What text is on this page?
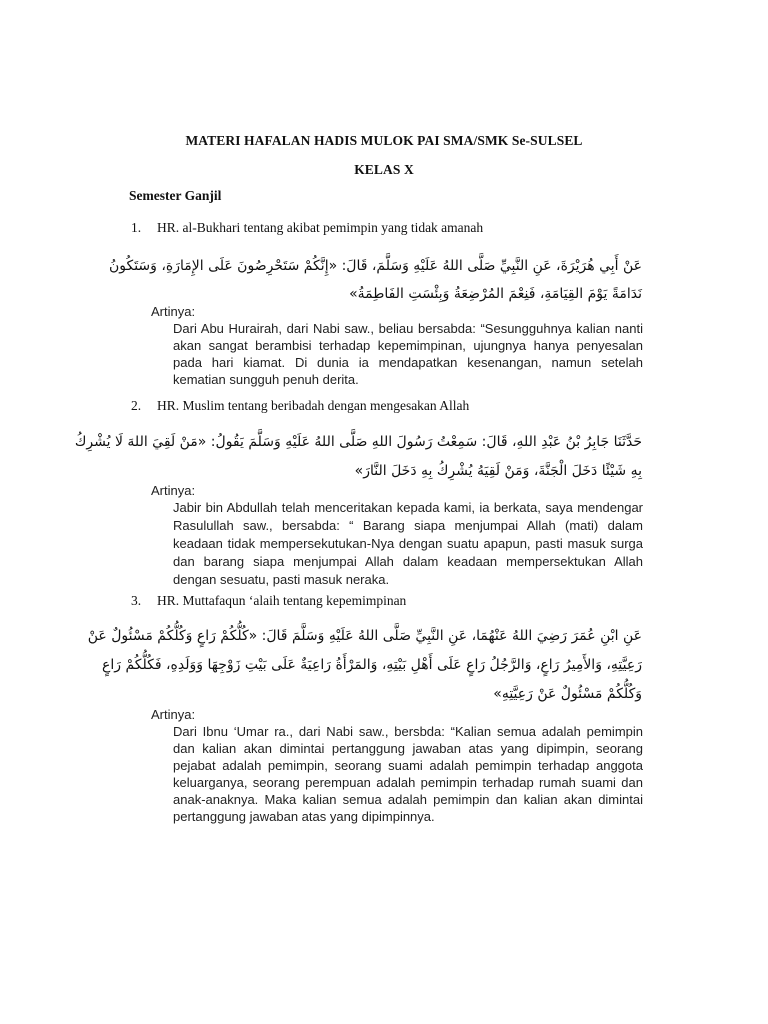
MATERI HAFALAN HADIS MULOK PAI SMA/SMK Se-SULSEL
KELAS X
Semester Ganjil
1. HR. al-Bukhari tentang akibat pemimpin yang tidak amanah
عَنْ أَبِي هُرَيْرَةَ، عَنِ النَّبِيِّ صَلَّى اللهُ عَلَيْهِ وَسَلَّمَ، قَالَ: «إِنَّكُمْ سَتَحْرِصُونَ عَلَى الإِمَارَةِ، وَسَتَكُونُ
نَدَامَةً يَوْمَ القِيَامَةِ، فَنِعْمَ المُرْضِعَةُ وَبِئْسَتِ الفَاطِمَةُ»
Artinya:
Dari Abu Hurairah, dari Nabi saw., beliau bersabda: “Sesungguhnya kalian nanti akan sangat berambisi terhadap kepemimpinan, ujungnya hanya penyesalan pada hari kiamat. Di dunia ia mendapatkan kesenangan, namun setelah kematian sungguh penuh derita.
2. HR. Muslim tentang beribadah dengan mengesakan Allah
حَدَّثَنَا جَابِرُ بْنُ عَبْدِ اللهِ، قَالَ: سَمِعْتُ رَسُولَ اللهِ صَلَّى اللهُ عَلَيْهِ وَسَلَّمَ يَقُولُ: «مَنْ لَقِيَ اللهَ لَا يُشْرِكُ
بِهِ شَيْئًا دَخَلَ الْجَنَّةَ، وَمَنْ لَقِيَهُ يُشْرِكُ بِهِ دَخَلَ النَّارَ»
Artinya:
Jabir bin Abdullah telah menceritakan kepada kami, ia berkata, saya mendengar Rasulullah saw., bersabda: “ Barang siapa menjumpai Allah (mati) dalam keadaan tidak mempersekutukan-Nya dengan suatu apapun, pasti masuk surga dan barang siapa menjumpai Allah dalam keadaan mempersektukan Allah dengan sesuatu, pasti masuk neraka.
3. HR. Muttafaqun ‘alaih tentang kepemimpinan
عَنِ ابْنِ عُمَرَ رَضِيَ اللهُ عَنْهُمَا، عَنِ النَّبِيِّ صَلَّى اللهُ عَلَيْهِ وَسَلَّمَ قَالَ: «كُلُّكُمْ رَاعٍ وَكُلُّكُمْ مَسْئُولٌ عَنْ
رَعِيَّتِهِ، وَالأَمِيرُ رَاعٍ، وَالرَّجُلُ رَاعٍ عَلَى أَهْلِ بَيْتِهِ، وَالمَرْأَةُ رَاعِيَةٌ عَلَى بَيْتِ زَوْجِهَا وَوَلَدِهِ، فَكُلُّكُمْ رَاعٍ
وَكُلُّكُمْ مَسْئُولٌ عَنْ رَعِيَّتِهِ»
Artinya:
Dari Ibnu ‘Umar ra., dari Nabi saw., bersbda: “Kalian semua adalah pemimpin dan kalian akan dimintai pertanggung jawaban atas yang dipimpin, seorang pejabat adalah pemimpin, seorang suami adalah pemimpin terhadap anggota keluarganya, seorang perempuan adalah pemimpin terhadap rumah suami dan anak-anaknya. Maka kalian semua adalah pemimpin dan kalian akan dimintai pertanggung jawaban atas yang dipimpinnya.
